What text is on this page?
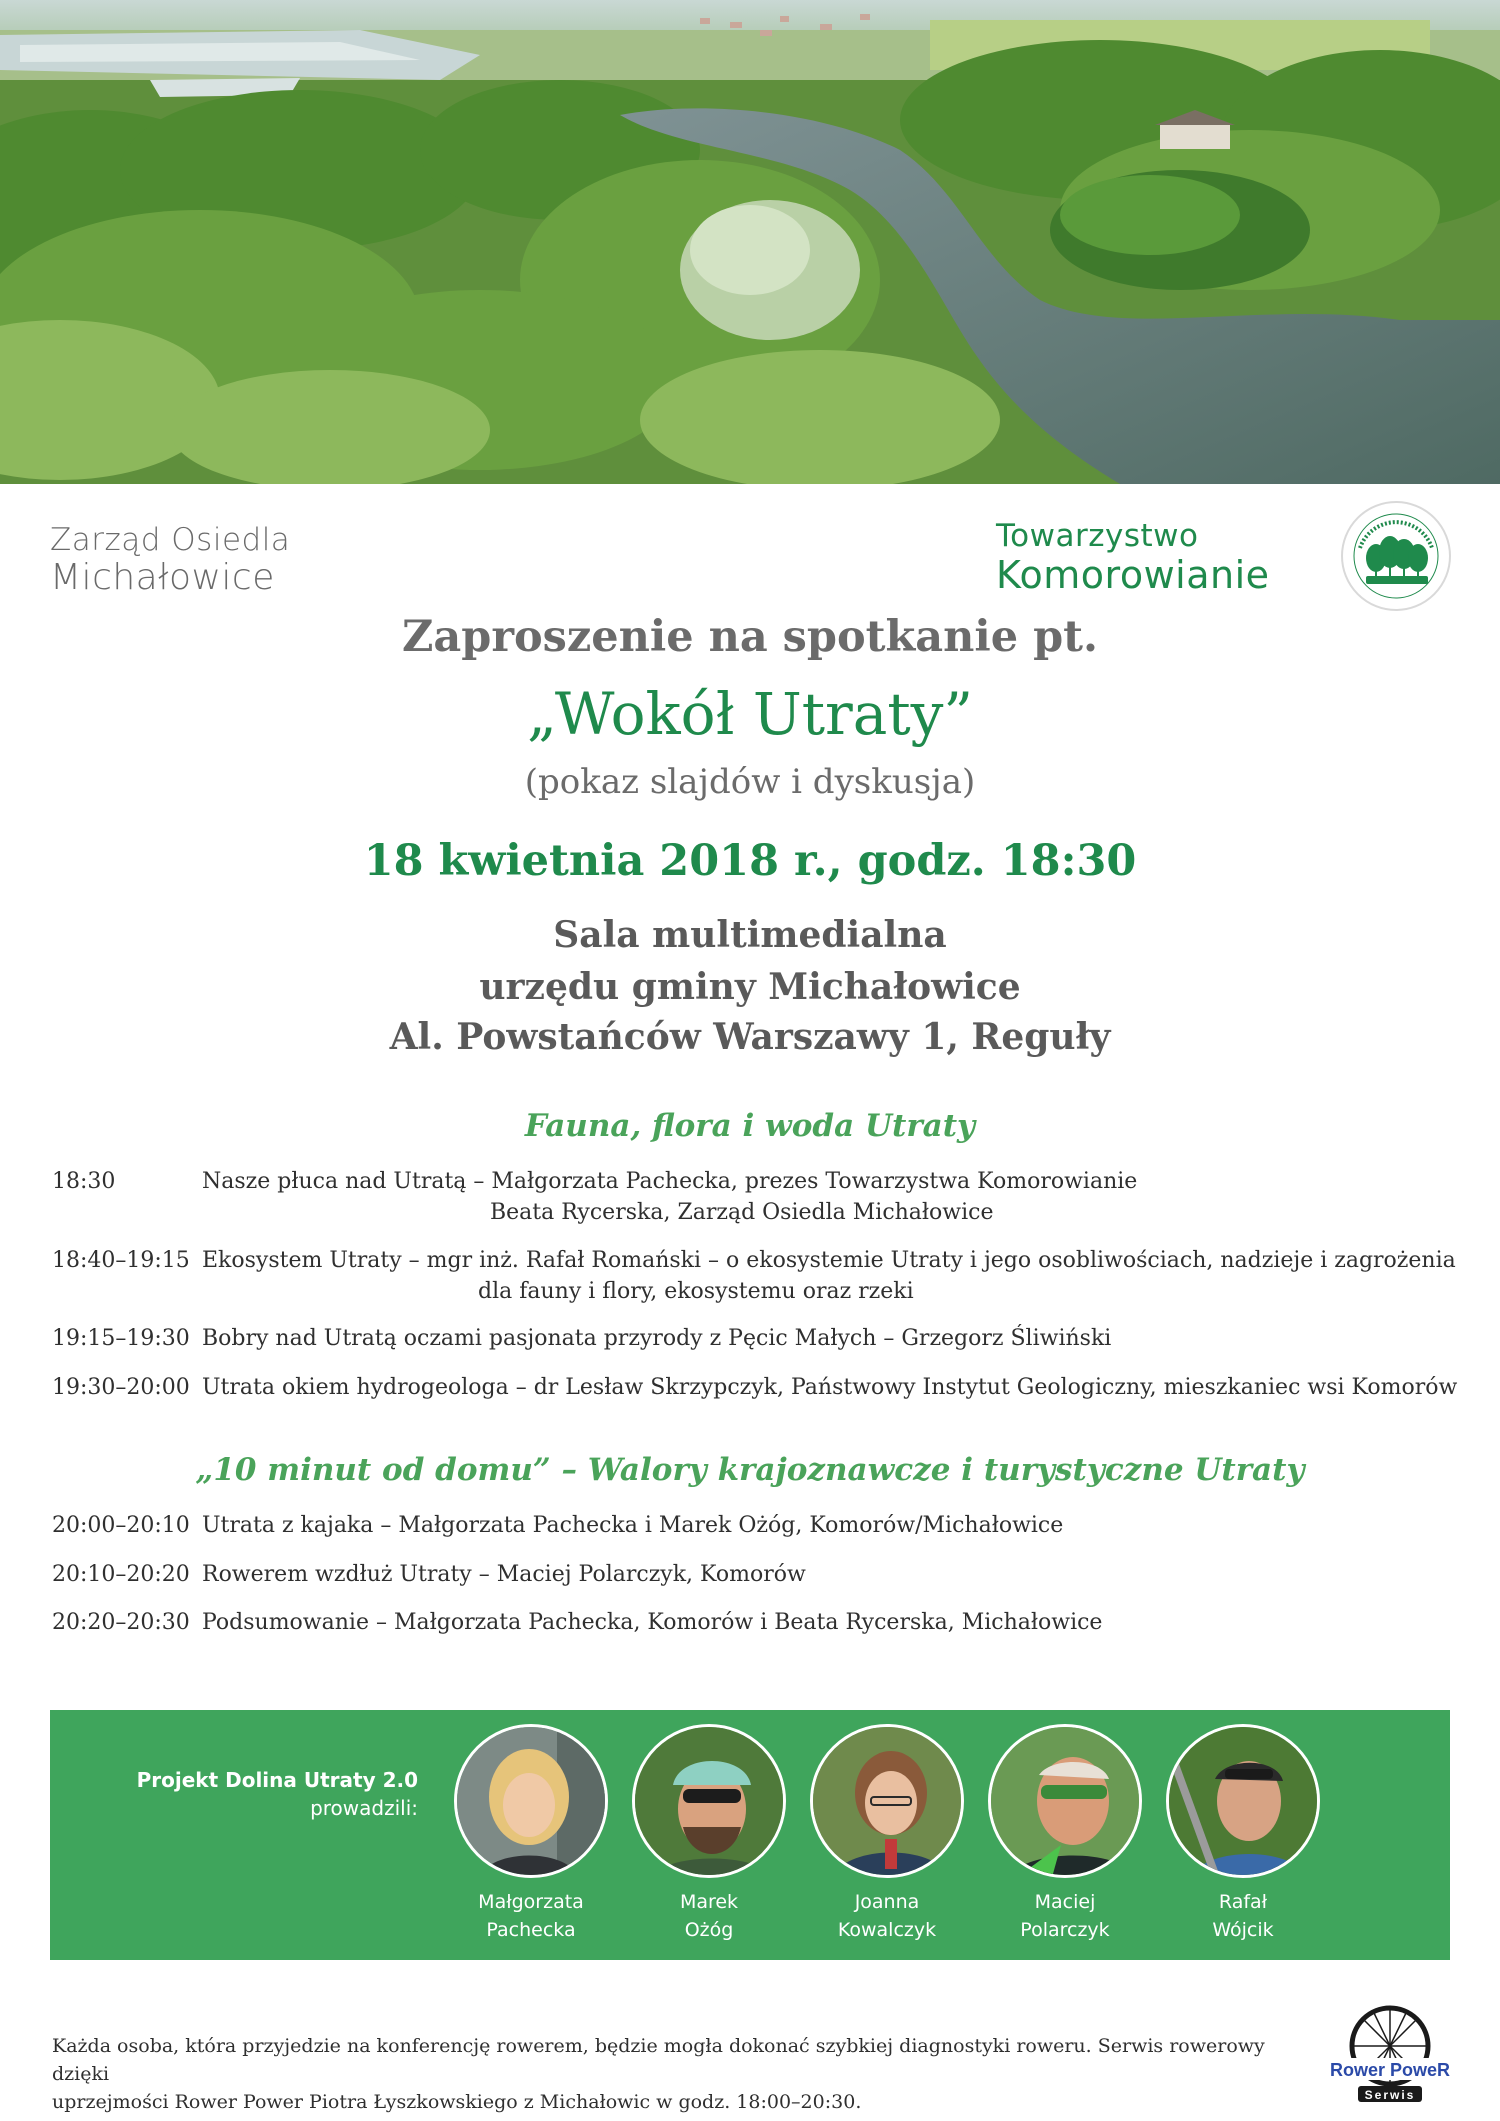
Zarząd Osiedla
Michałowice
Towarzystwo
Komorowianie
Zaproszenie na spotkanie pt.
„Wokół Utraty”
(pokaz slajdów i dyskusja)
18 kwietnia 2018 r., godz. 18:30
Sala multimedialna
urzędu gminy Michałowice
Al. Powstańców Warszawy 1, Reguły
Fauna, flora i woda Utraty
18:30	Nasze płuca nad Utratą – Małgorzata Pachecka, prezes Towarzystwa Komorowianie
Beata Rycerska, Zarząd Osiedla Michałowice
18:40–19:15 Ekosystem Utraty – mgr inż. Rafał Romański – o ekosystemie Utraty i jego osobliwościach, nadzieje i zagrożenia
dla fauny i flory, ekosystemu oraz rzeki
19:15–19:30 Bobry nad Utratą oczami pasjonata przyrody z Pęcic Małych – Grzegorz Śliwiński
19:30–20:00 Utrata okiem hydrogeologa – dr Lesław Skrzypczyk, Państwowy Instytut Geologiczny, mieszkaniec wsi Komorów
„10 minut od domu” – Walory krajoznawcze i turystyczne Utraty
20:00–20:10 Utrata z kajaka – Małgorzata Pachecka i Marek Ożóg, Komorów/Michałowice
20:10–20:20 Rowerem wzdłuż Utraty – Maciej Polarczyk, Komorów
20:20–20:30 Podsumowanie – Małgorzata Pachecka, Komorów i Beata Rycerska, Michałowice
Projekt Dolina Utraty 2.0
prowadzili:
Małgorzata
Pachecka
Marek
Ożóg
Joanna
Kowalczyk
Maciej
Polarczyk
Rafał
Wójcik
Każda osoba, która przyjedzie na konferencję rowerem, będzie mogła dokonać szybkiej diagnostyki roweru. Serwis rowerowy dzięki
uprzejmości Rower Power Piotra Łyszkowskiego z Michałowic w godz. 18:00–20:30.
Rower PoweR
Serwis
